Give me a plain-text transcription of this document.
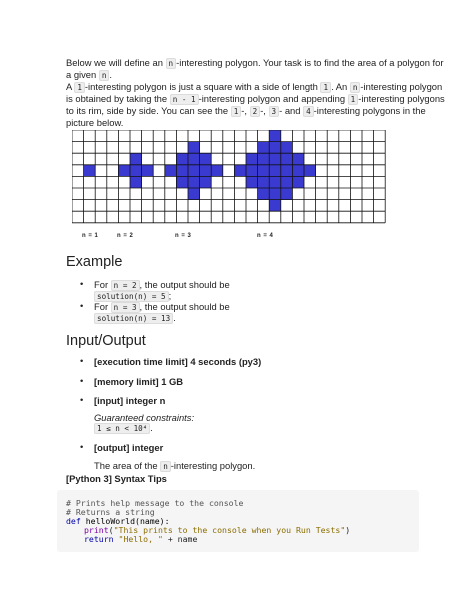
Below we will define an n -interesting polygon. Your task is to find the area of a polygon for
a given n .
A 1 -interesting polygon is just a square with a side of length 1 . An n -interesting polygon
is obtained by taking the n - 1 -interesting polygon and appending 1 -interesting polygons
to its rim, side by side. You can see the 1 -, 2 -, 3 - and 4 -interesting polygons in the
picture below.
n = 1	n = 2	n = 3	n = 4
Example
• For n = 2 , the output should be
solution(n) = 5 ;
• For n = 3 , the output should be
solution(n) = 13 .
Input/Output
• [execution time limit] 4 seconds (py3)
• [memory limit] 1 GB
• [input] integer n
Guaranteed constraints:
1 ≤ n < 10⁴ .
• [output] integer
The area of the n -interesting polygon.
[Python 3] Syntax Tips
# Prints help message to the console
# Returns a string
def helloWorld(name):
print("This prints to the console when you Run Tests")
return "Hello, " + name
